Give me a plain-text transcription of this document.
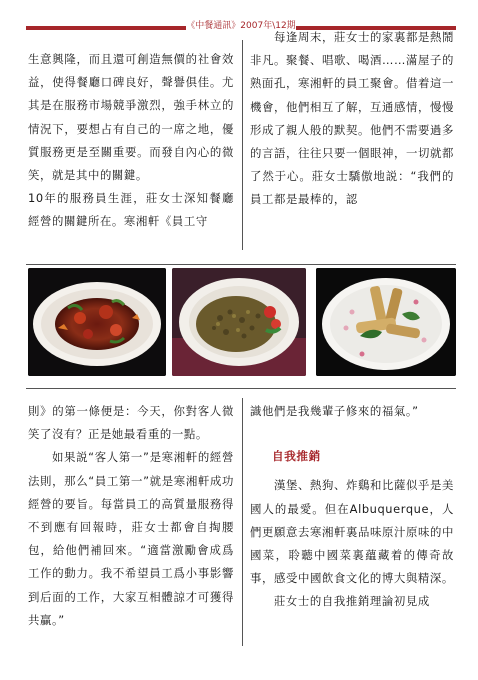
《中餐通訊》2007年\12期

生意興隆，而且還可創造無價的社會效益，使得餐廳口碑良好，聲譽俱佳。尤其是在服務市場競爭激烈，強手林立的情況下，要想占有自己的一席之地，優質服務更是至關重要。而發自內心的微笑，就是其中的關鍵。

10年的服務員生涯，莊女士深知餐廳經營的關鍵所在。寒湘軒《員工守

每逢周末，莊女士的家裏都是熱鬧非凡。聚餐、唱歌、喝酒……滿屋子的熟面孔，寒湘軒的員工聚會。借着這一機會，他們相互了解，互通感情，慢慢形成了親人般的默契。他們不需要過多的言語，往往只要一個眼神，一切就都了然于心。莊女士驕傲地説：“我們的員工都是最棒的，認

則》的第一條便是：今天，你對客人微笑了沒有？正是她最看重的一點。

如果説“客人第一”是寒湘軒的經營法則，那么“員工第一”就是寒湘軒成功經營的要旨。每當員工的高質量服務得不到應有回報時，莊女士都會自掏腰包，給他們補回來。“適當激勵會成爲工作的動力。我不希望員工爲小事影響到后面的工作，大家互相體諒才可獲得共贏。”

識他們是我幾輩子修來的福氣。”

自我推銷

漢堡、熱狗、炸鷄和比薩似乎是美國人的最愛。但在Albuquerque，人們更願意去寒湘軒裏品味原汁原味的中國菜，聆聽中國菜裏蘊藏着的傳奇故事，感受中國飲食文化的博大與精深。

莊女士的自我推銷理論初見成
